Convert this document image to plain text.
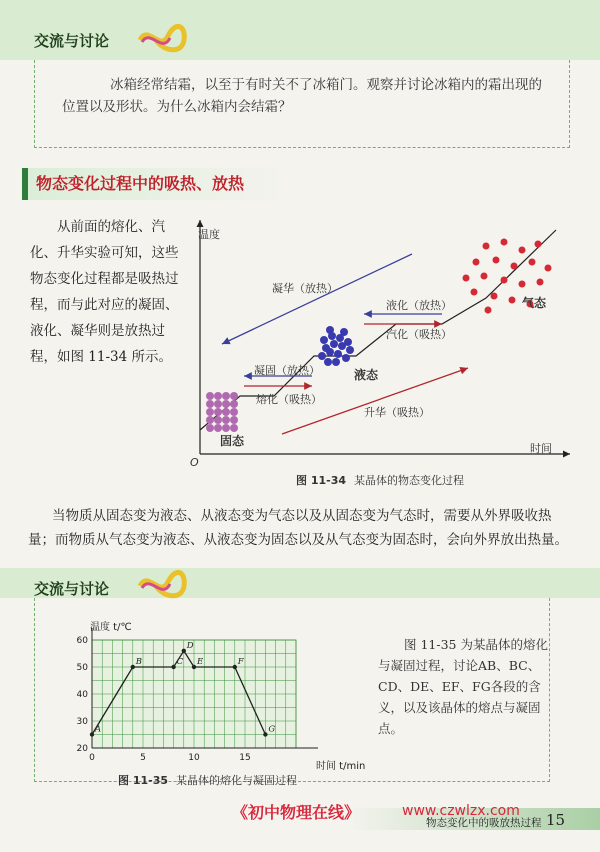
交流与讨论
冰箱经常结霜，以至于有时关不了冰箱门。观察并讨论冰箱内的霜出现的位置以及形状。为什么冰箱内会结霜？
物态变化过程中的吸热、放热
从前面的熔化、汽化、升华实验可知，这些物态变化过程都是吸热过程，而与此对应的凝固、液化、凝华则是放热过程，如图 11-34 所示。
温度
时间
O
凝华（放热）
液化（放热）
汽化（吸热）
凝固（放热）
熔化（吸热）
升华（吸热）
固态
液态
气态
图 11-34 某晶体的物态变化过程
当物质从固态变为液态、从液态变为气态以及从固态变为气态时，需要从外界吸收热量；而物质从气态变为液态、从液态变为固态以及从气态变为固态时，会向外界放出热量。
交流与讨论
20
30
40
50
60
0	5	10	15
A
B	C
D
E	F
G
温度 t/℃
时间 t/min
图 11-35 某晶体的熔化与凝固过程
图 11-35 为某晶体的熔化与凝固过程，讨论AB、BC、CD、DE、EF、FG各段的含义，以及该晶体的熔点与凝固点。
《初中物理在线》	www.czwlzx.com
物态变化中的吸放热过程 15
